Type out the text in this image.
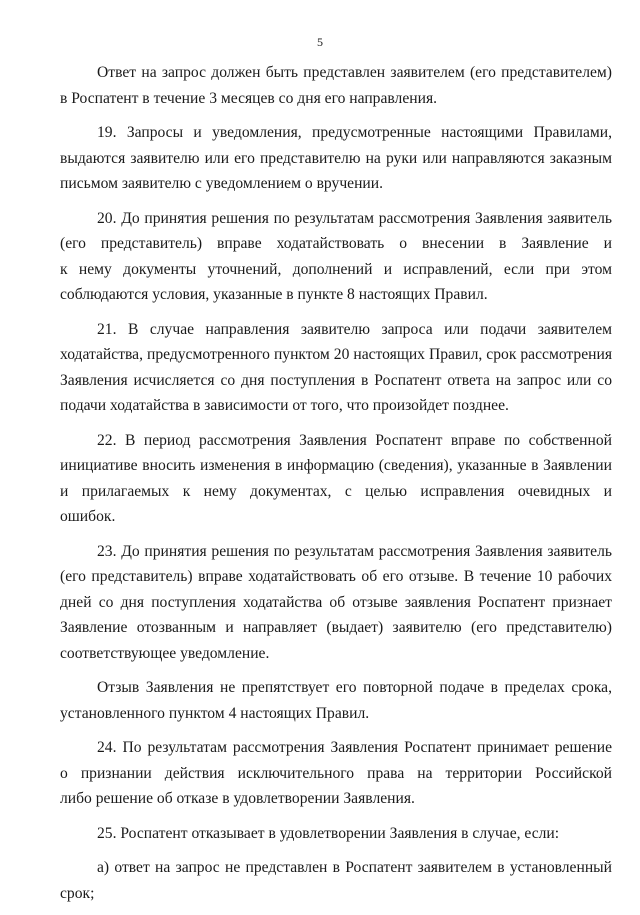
5
Ответ на запрос должен быть представлен заявителем (его представителем)
в Роспатент в течение 3 месяцев со дня его направления.
19. Запросы и уведомления, предусмотренные настоящими Правилами,
выдаются заявителю или его представителю на руки или направляются заказным
письмом заявителю с уведомлением о вручении.
20. До принятия решения по результатам рассмотрения Заявления заявитель
(его представитель) вправе ходатайствовать о внесении в Заявление и
к нему документы уточнений, дополнений и исправлений, если при этом
соблюдаются условия, указанные в пункте 8 настоящих Правил.
21. В случае направления заявителю запроса или подачи заявителем
ходатайства, предусмотренного пунктом 20 настоящих Правил, срок рассмотрения
Заявления исчисляется со дня поступления в Роспатент ответа на запрос или со
подачи ходатайства в зависимости от того, что произойдет позднее.
22. В период рассмотрения Заявления Роспатент вправе по собственной
инициативе вносить изменения в информацию (сведения), указанные в Заявлении
и прилагаемых к нему документах, с целью исправления очевидных и
ошибок.
23. До принятия решения по результатам рассмотрения Заявления заявитель
(его представитель) вправе ходатайствовать об его отзыве. В течение 10 рабочих
дней со дня поступления ходатайства об отзыве заявления Роспатент признает
Заявление отозванным и направляет (выдает) заявителю (его представителю)
соответствующее уведомление.
Отзыв Заявления не препятствует его повторной подаче в пределах срока,
установленного пунктом 4 настоящих Правил.
24. По результатам рассмотрения Заявления Роспатент принимает решение
о признании действия исключительного права на территории Российской
либо решение об отказе в удовлетворении Заявления.
25. Роспатент отказывает в удовлетворении Заявления в случае, если:
а) ответ на запрос не представлен в Роспатент заявителем в установленный
срок;
